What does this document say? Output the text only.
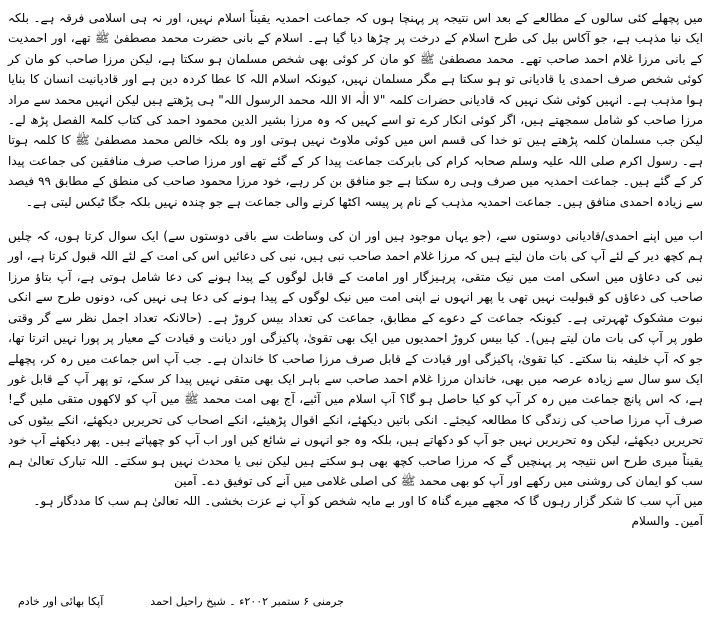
میں پچھلے کئی سالوں کے مطالعے کے بعد اس نتیجہ پر پہنچا ہوں کہ جماعت احمدیہ یقیناً اسلام نہیں، اور نہ ہی اسلامی فرقہ ہے۔ بلکہ ایک نیا مذہب ہے، جو آکاس بیل کی طرح اسلام کے درخت پر چڑھا دیا گیا ہے۔ اسلام کے بانی حضرت محمد مصطفیٰ ﷺ تھے، اور احمدیت کے بانی مرزا غلام احمد صاحب تھے۔ محمد مصطفیٰ ﷺ کو مان کر کوئی بھی شخص مسلمان ہو سکتا ہے، لیکن مرزا صاحب کو مان کر کوئی شخص صرف احمدی یا قادیانی تو ہو سکتا ہے مگر مسلمان نہیں، کیونکہ اسلام اللہ کا عطا کردہ دین ہے اور قادیانیت انسان کا بنایا ہوا مذہب ہے۔ انہیں کوئی شک نہیں کہ قادیانی حضرات کلمہ "لا الٰہ الا اللہ محمد الرسول اللہ" ہی پڑھتے ہیں لیکن انہیں محمد سے مراد مرزا صاحب کو شامل سمجھتے ہیں، اگر کوئی انکار کرے تو اسے کہیں کہ وہ مرزا بشیر الدین محمود احمد کی کتاب کلمۃ الفصل پڑھ لے۔ لیکن جب مسلمان کلمہ پڑھتے ہیں تو خدا کی قسم اس میں کوئی ملاوٹ نہیں ہوتی اور وہ بلکہ خالص محمد مصطفیٰ ﷺ کا کلمہ ہوتا ہے۔ رسول اکرم صلی اللہ علیہ وسلم صحابہ کرام کی بابرکت جماعت پیدا کر کے گئے تھے اور مرزا صاحب صرف منافقین کی جماعت پیدا کر کے گئے ہیں۔ جماعت احمدیہ میں صرف وہی رہ سکتا ہے جو منافق بن کر رہے، خود مرزا محمود صاحب کی منطق کے مطابق ۹۹ فیصد سے زیادہ احمدی منافق ہیں۔ جماعت احمدیہ مذہب کے نام پر پیسہ اکٹھا کرنے والی جماعت ہے جو چندہ نہیں بلکہ جگا ٹیکس لیتی ہے۔

اب میں اپنے احمدی/قادیانی دوستوں سے، (جو یہاں موجود ہیں اور ان کی وساطت سے باقی دوستوں سے) ایک سوال کرتا ہوں، کہ چلیں ہم کچھ دیر کے لئے آپ کی بات مان لیتے ہیں کہ مرزا غلام احمد صاحب نبی ہیں، نبی کی دعائیں اس کی امت کے لئے اللہ قبول کرتا ہے، اور نبی کی دعاؤں میں اسکی امت میں نیک متقی، پرہیزگار اور امامت کے قابل لوگوں کے پیدا ہونے کی دعا شامل ہوتی ہے، آپ بتاؤ مرزا صاحب کی دعاؤں کو قبولیت نہیں تھی یا پھر انہوں نے اپنی امت میں نیک لوگوں کے پیدا ہونے کی دعا ہی نہیں کی، دونوں طرح سے انکی نبوت مشکوک ٹھہرتی ہے۔ کیونکہ جماعت کے دعوے کے مطابق، جماعت کی تعداد بیس کروڑ ہے۔ (حالانکہ تعداد اجمل نظر سے گر وقتی طور پر آپ کی بات مان لیتے ہیں)۔ کیا بیس کروڑ احمدیوں میں ایک بھی تقویٰ، پاکیزگی اور دیانت و قیادت کے معیار پر پورا نہیں اترتا تھا، جو کہ آپ خلیفہ بنا سکتے۔ کیا تقویٰ، پاکیزگی اور قیادت کے قابل صرف مرزا صاحب کا خاندان ہے۔ جب آپ اس جماعت میں رہ کر، پچھلے ایک سو سال سے زیادہ عرصہ میں بھی، خاندان مرزا غلام احمد صاحب سے باہر ایک بھی متقی نہیں پیدا کر سکے، تو پھر آپ کے قابل غور ہے، کہ اس پانچ جماعت میں رہ کر آپ کو کیا حاصل ہو گا؟ آپ اسلام میں آئیے، آج بھی امت محمد ﷺ میں آپ کو لاکھوں متقی ملیں گے! صرف آپ مرزا صاحب کی زندگی کا مطالعہ کیجئے۔ انکی باتیں دیکھئے، انکے اقوال پڑھیئے، انکے اصحاب کی تحریریں دیکھئے، انکے بیٹوں کی تحریریں دیکھئے، لیکن وہ تحریریں نہیں جو آپ کو دکھاتے ہیں، بلکہ وہ جو انہوں نے شائع کیں اور اب آپ کو چھپاتے ہیں۔ پھر دیکھئے آپ خود یقیناً میری طرح اس نتیجہ پر پہنچیں گے کہ مرزا صاحب کچھ بھی ہو سکتے ہیں لیکن نبی یا محدث نہیں ہو سکتے۔ اللہ تبارک تعالیٰ ہم سب کو ایمان کی روشنی میں رکھے اور آپ کو بھی محمد ﷺ کی اصلی غلامی میں آنے کی توفیق دے۔ آمین

میں آپ سب کا شکر گزار رہوں گا کہ مجھے میرے گناہ کا اور بے مایہ شخص کو آپ نے عزت بخشی۔ اللہ تعالیٰ ہم سب کا مددگار ہو۔ آمین۔ والسلام

جرمنی ۶ ستمبر ۲۰۰۲ء ۔ شیخ راحیل احمد  آپکا بھائی اور خادم
